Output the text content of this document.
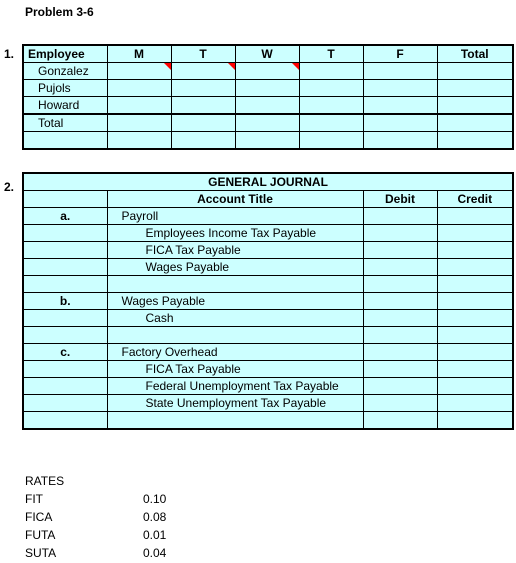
Problem 3-6
1. Employee	M	T	W	T	F	Total
Gonzalez	

Pujols						
Howard						
Total						

2.	GENERAL JOURNAL			
	Account Title	Debit	Credit
a.	Payroll		
	Employees Income Tax Payable		
	FICA Tax Payable		
	Wages Payable		

b.	Wages Payable		
	Cash		

c.	Factory Overhead		
	FICA Tax Payable		
	Federal Unemployment Tax Payable		
	State Unemployment Tax Payable		

RATES
FIT	0.10
FICA	0.08
FUTA	0.01
SUTA	0.04
